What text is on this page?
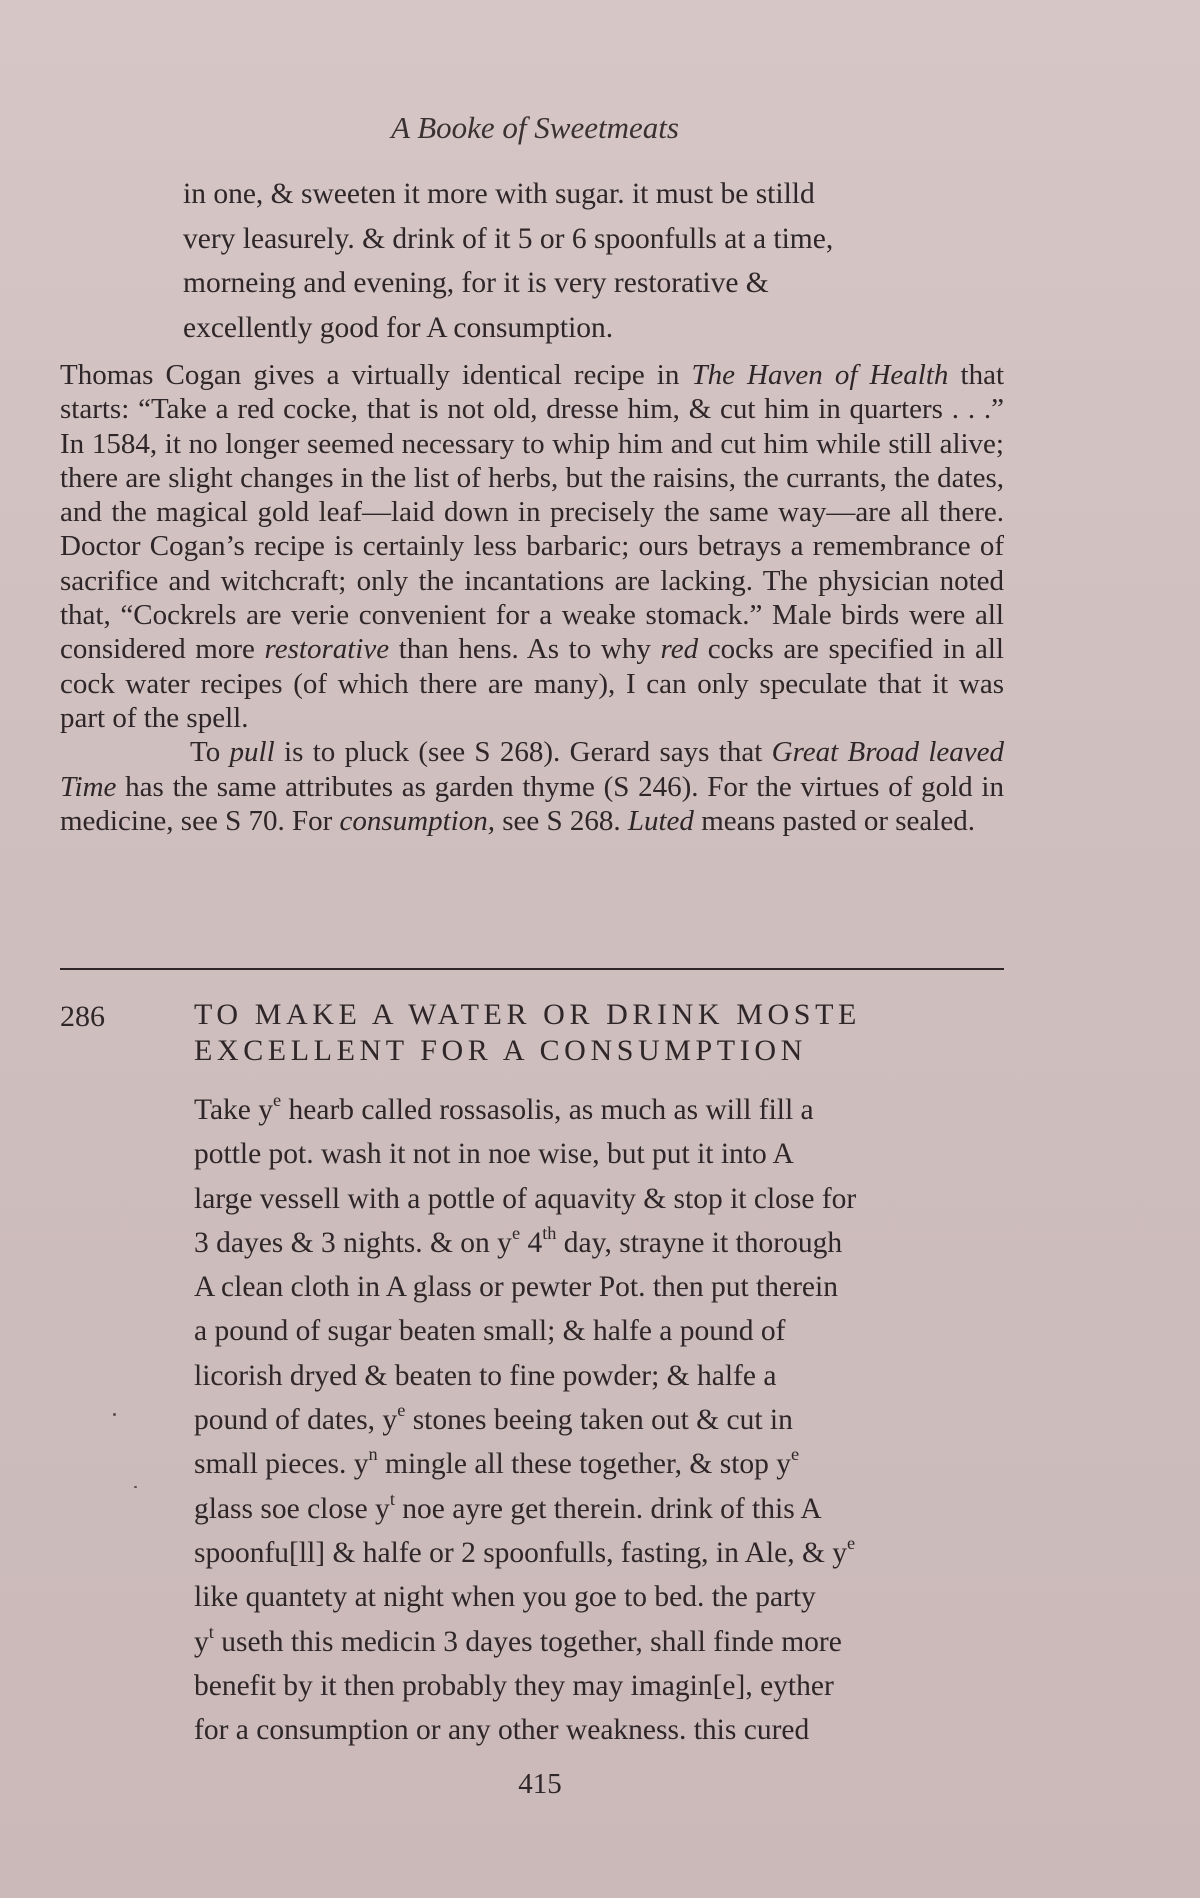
A Booke of Sweetmeats
in one, & sweeten it more with sugar. it must be stilld
very leasurely. & drink of it 5 or 6 spoonfulls at a time,
morneing and evening, for it is very restorative &
excellently good for A consumption.

Thomas Cogan gives a virtually identical recipe in The Haven of Health that starts: “Take a red cocke, that is not old, dresse him, & cut him in quarters . . .” In 1584, it no longer seemed necessary to whip him and cut him while still alive; there are slight changes in the list of herbs, but the raisins, the currants, the dates, and the magical gold leaf—laid down in precisely the same way—are all there. Doctor Cogan’s recipe is certainly less barbaric; ours betrays a remembrance of sacrifice and witchcraft; only the incantations are lacking. The physician noted that, “Cockrels are verie convenient for a weake stomack.” Male birds were all considered more restorative than hens. As to why red cocks are specified in all cock water recipes (of which there are many), I can only speculate that it was part of the spell.

To pull is to pluck (see S 268). Gerard says that Great Broad leaved Time has the same attributes as garden thyme (S 246). For the virtues of gold in medicine, see S 70. For consumption, see S 268. Luted means pasted or sealed.

286	TO MAKE A WATER OR DRINK MOSTE
EXCELLENT FOR A CONSUMPTION
Take $y^e$ hearb called rossasolis, as much as will fill a
pottle pot. wash it not in noe wise, but put it into A
large vessell with a pottle of aquavity & stop it close for
3 dayes & 3 nights. & on $y^e$ 4th day, strayne it thorough
A clean cloth in A glass or pewter Pot. then put therein
a pound of sugar beaten small; & halfe a pound of
licorish dryed & beaten to fine powder; & halfe a
pound of dates, $y^e$ stones beeing taken out & cut in
small pieces. $y^n$ mingle all these together, & stop $y^e$
glass soe close $y^t$ noe ayre get therein. drink of this A
spoonfu[ll] & halfe or 2 spoonfulls, fasting, in Ale, & $y^e$
like quantety at night when you goe to bed. the party
$y^t$ useth this medicin 3 dayes together, shall finde more
benefit by it then probably they may imagin[e], eyther
for a consumption or any other weakness. this cured
415
